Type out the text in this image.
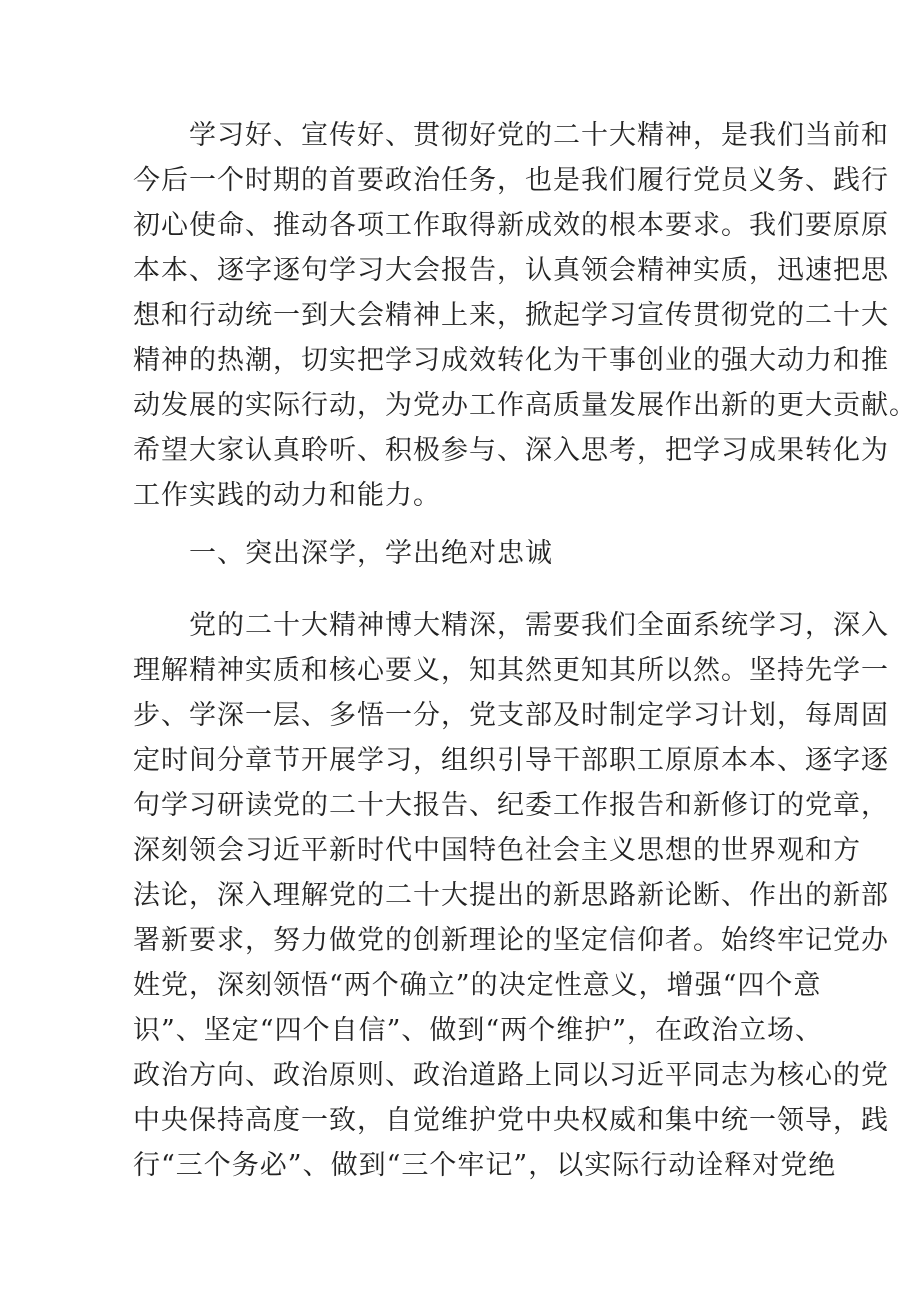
学习好、宣传好、贯彻好党的二十大精神，是我们当前和
今后一个时期的首要政治任务，也是我们履行党员义务、践行
初心使命、推动各项工作取得新成效的根本要求。我们要原原
本本、逐字逐句学习大会报告，认真领会精神实质，迅速把思
想和行动统一到大会精神上来，掀起学习宣传贯彻党的二十大
精神的热潮，切实把学习成效转化为干事创业的强大动力和推
动发展的实际行动，为党办工作高质量发展作出新的更大贡献。
希望大家认真聆听、积极参与、深入思考，把学习成果转化为
工作实践的动力和能力。
一、突出深学，学出绝对忠诚
党的二十大精神博大精深，需要我们全面系统学习，深入
理解精神实质和核心要义，知其然更知其所以然。坚持先学一
步、学深一层、多悟一分，党支部及时制定学习计划，每周固
定时间分章节开展学习，组织引导干部职工原原本本、逐字逐
句学习研读党的二十大报告、纪委工作报告和新修订的党章，
深刻领会习近平新时代中国特色社会主义思想的世界观和方
法论，深入理解党的二十大提出的新思路新论断、作出的新部
署新要求，努力做党的创新理论的坚定信仰者。始终牢记党办
姓党，深刻领悟“两个确立”的决定性意义，增强“四个意
识”、坚定“四个自信”、做到“两个维护”，在政治立场、
政治方向、政治原则、政治道路上同以习近平同志为核心的党
中央保持高度一致，自觉维护党中央权威和集中统一领导，践
行“三个务必”、做到“三个牢记”，以实际行动诠释对党绝
